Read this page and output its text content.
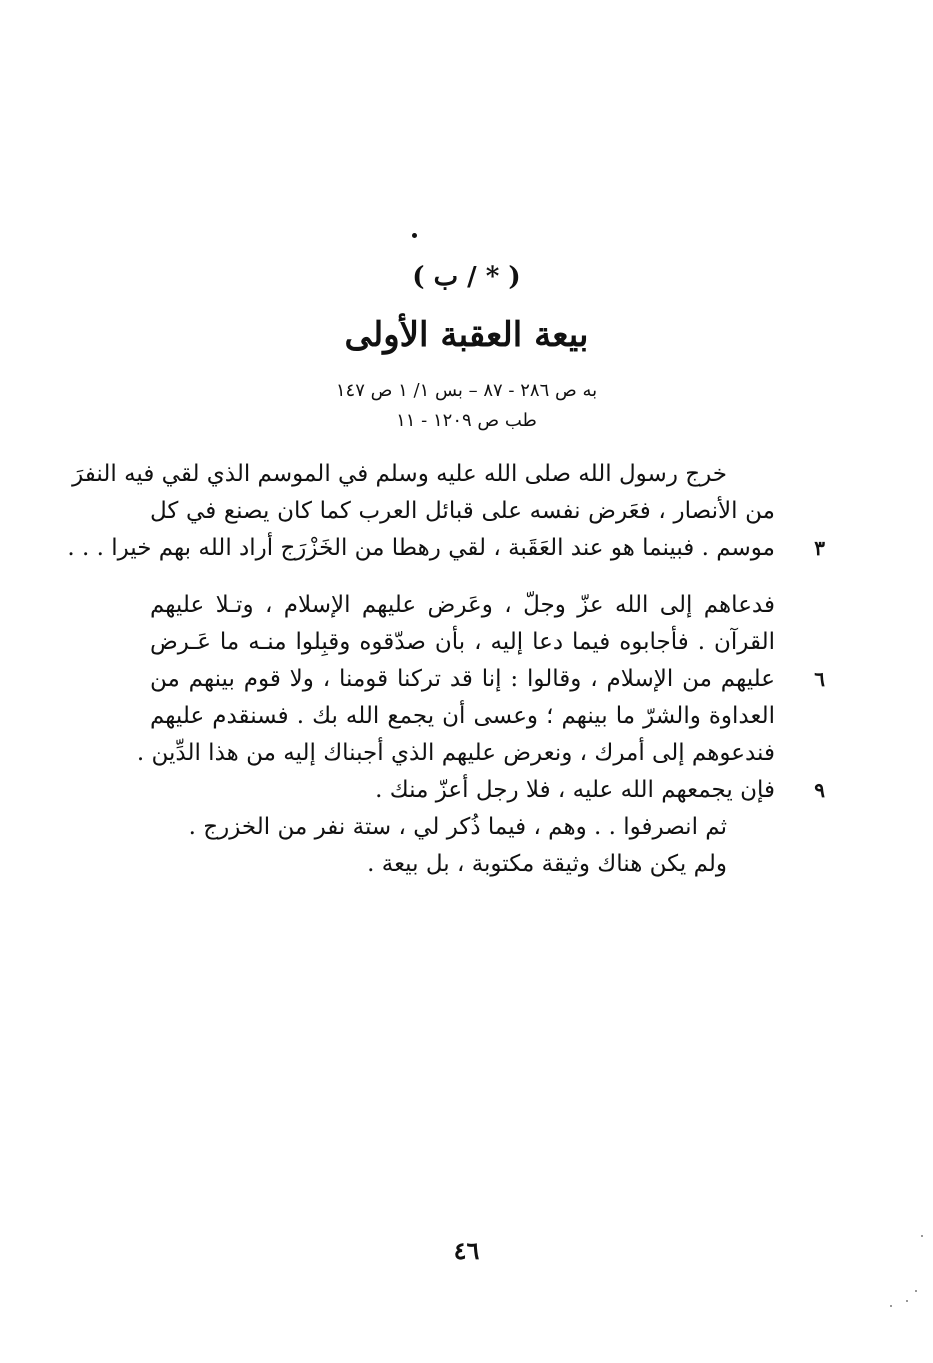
( * / ب )
بيعة العقبة الأولى
به ص ٢٨٦ - ٨٧ – بس ١/ ١ ص ١٤٧
طب ص ١٢٠٩ - ١١
خرج رسول الله صلى الله عليه وسلم في الموسم الذي لقي فيه النفرَ
من الأنصار ، فعَرض نفسه على قبائل العرب كما كان يصنع في كل
موسم . فبينما هو عند العَقَبة ، لقي رهطا من الخَزْرَج أراد الله بهم خيرا . . .	٣
فدعاهم إلى الله عزّ وجلّ ، وعَرض عليهم الإسلام ، وتـلا عليهم
القرآن . فأجابوه فيما دعا إليه ، بأن صدّقوه وقبِلوا منـه ما عَـرض
عليهم من الإسلام ، وقالوا : إنا قد تركنا قومنا ، ولا قوم بينهم من	٦
العداوة والشرّ ما بينهم ؛ وعسى أن يجمع الله بك . فسنقدم عليهم
فندعوهم إلى أمرك ، ونعرض عليهم الذي أجبناك إليه من هذا الدِّين .
فإن يجمعهم الله عليه ، فلا رجل أعزّ منك .	٩
ثم انصرفوا . . وهم ، فيما ذُكر لي ، ستة نفر من الخزرج .
ولم يكن هناك وثيقة مكتوبة ، بل بيعة .
٤٦
